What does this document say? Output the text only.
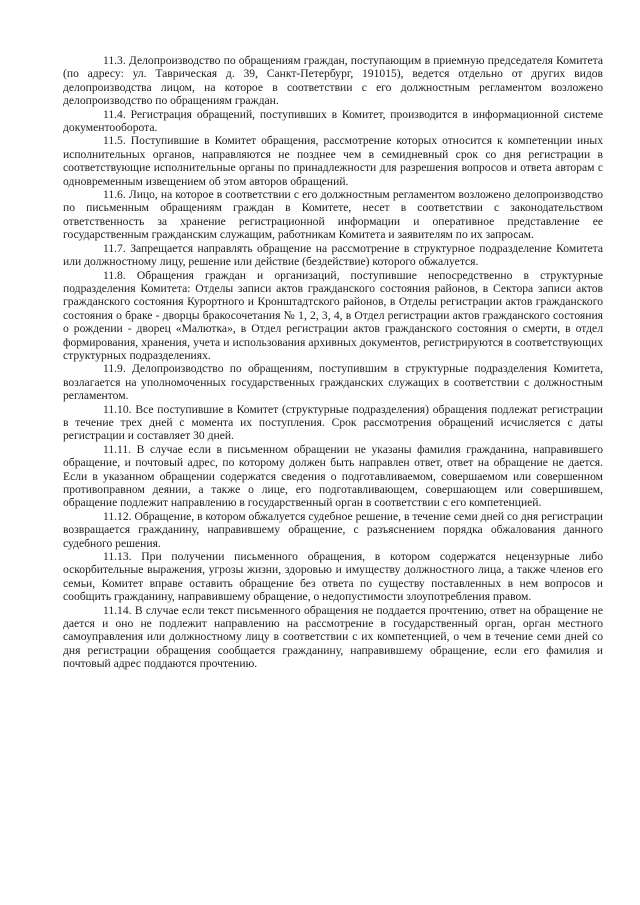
11.3. Делопроизводство по обращениям граждан, поступающим в приемную председателя Комитета (по адресу: ул. Таврическая д. 39, Санкт-Петербург, 191015), ведется отдельно от других видов делопроизводства лицом, на которое в соответствии с его должностным регламентом возложено делопроизводство по обращениям граждан.

11.4. Регистрация обращений, поступивших в Комитет, производится в информационной системе документооборота.

11.5. Поступившие в Комитет обращения, рассмотрение которых относится к компетенции иных исполнительных органов, направляются не позднее чем в семидневный срок со дня регистрации в соответствующие исполнительные органы по принадлежности для разрешения вопросов и ответа авторам с одновременным извещением об этом авторов обращений.

11.6. Лицо, на которое в соответствии с его должностным регламентом возложено делопроизводство по письменным обращениям граждан в Комитете, несет в соответствии с законодательством ответственность за хранение регистрационной информации и оперативное представление ее государственным гражданским служащим, работникам Комитета и заявителям по их запросам.

11.7. Запрещается направлять обращение на рассмотрение в структурное подразделение Комитета или должностному лицу, решение или действие (бездействие) которого обжалуется.

11.8. Обращения граждан и организаций, поступившие непосредственно в структурные подразделения Комитета: Отделы записи актов гражданского состояния районов, в Сектора записи актов гражданского состояния Курортного и Кронштадтского районов, в Отделы регистрации актов гражданского состояния о браке - дворцы бракосочетания № 1, 2, 3, 4, в Отдел регистрации актов гражданского состояния о рождении - дворец «Малютка», в Отдел регистрации актов гражданского состояния о смерти, в отдел формирования, хранения, учета и использования архивных документов, регистрируются в соответствующих структурных подразделениях.

11.9. Делопроизводство по обращениям, поступившим в структурные подразделения Комитета, возлагается на уполномоченных государственных гражданских служащих в соответствии с должностным регламентом.

11.10. Все поступившие в Комитет (структурные подразделения) обращения подлежат регистрации в течение трех дней с момента их поступления. Срок рассмотрения обращений исчисляется с даты регистрации и составляет 30 дней.

11.11. В случае если в письменном обращении не указаны фамилия гражданина, направившего обращение, и почтовый адрес, по которому должен быть направлен ответ, ответ на обращение не дается. Если в указанном обращении содержатся сведения о подготавливаемом, совершаемом или совершенном противоправном деянии, а также о лице, его подготавливающем, совершающем или совершившем, обращение подлежит направлению в государственный орган в соответствии с его компетенцией.

11.12. Обращение, в котором обжалуется судебное решение, в течение семи дней со дня регистрации возвращается гражданину, направившему обращение, с разъяснением порядка обжалования данного судебного решения.

11.13. При получении письменного обращения, в котором содержатся нецензурные либо оскорбительные выражения, угрозы жизни, здоровью и имуществу должностного лица, а также членов его семьи, Комитет вправе оставить обращение без ответа по существу поставленных в нем вопросов и сообщить гражданину, направившему обращение, о недопустимости злоупотребления правом.

11.14. В случае если текст письменного обращения не поддается прочтению, ответ на обращение не дается и оно не подлежит направлению на рассмотрение в государственный орган, орган местного самоуправления или должностному лицу в соответствии с их компетенцией, о чем в течение семи дней со дня регистрации обращения сообщается гражданину, направившему обращение, если его фамилия и почтовый адрес поддаются прочтению.
